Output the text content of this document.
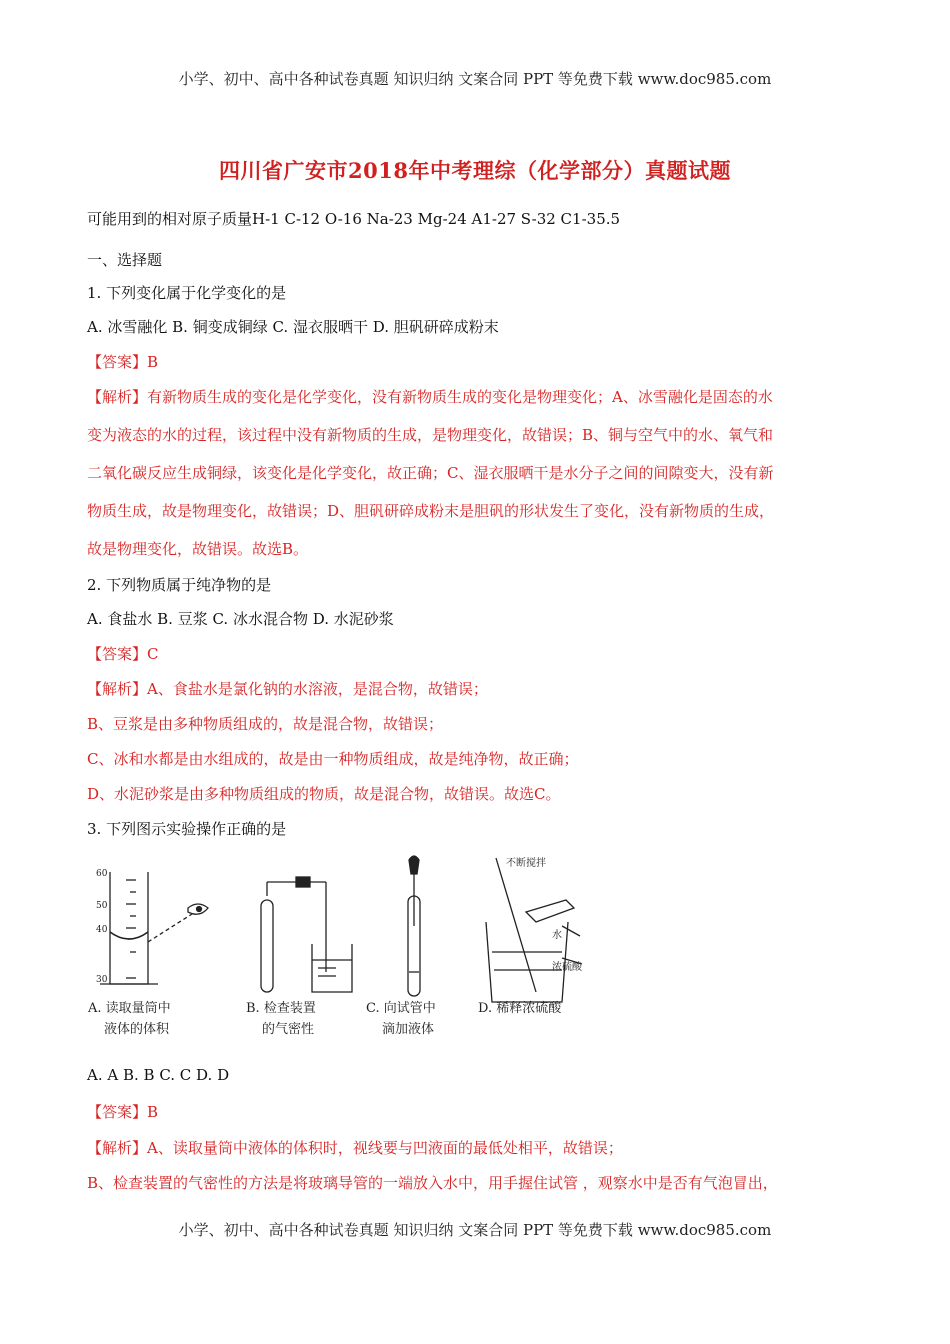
小学、初中、高中各种试卷真题 知识归纳 文案合同 PPT 等免费下载 www.doc985.com
四川省广安市2018年中考理综（化学部分）真题试题
可能用到的相对原子质量H-1 C-12 O-16 Na-23 Mg-24 A1-27 S-32 C1-35.5
一、选择题
1. 下列变化属于化学变化的是
A. 冰雪融化 B. 铜变成铜绿 C. 湿衣服晒干 D. 胆矾研碎成粉末
【答案】B
【解析】有新物质生成的变化是化学变化，没有新物质生成的变化是物理变化；A、冰雪融化是固态的水
变为液态的水的过程，该过程中没有新物质的生成，是物理变化，故错误；B、铜与空气中的水、氧气和
二氧化碳反应生成铜绿，该变化是化学变化，故正确；C、湿衣服晒干是水分子之间的间隙变大，没有新
物质生成，故是物理变化，故错误；D、胆矾研碎成粉末是胆矾的形状发生了变化，没有新物质的生成，
故是物理变化，故错误。故选B。
2. 下列物质属于纯净物的是
A. 食盐水 B. 豆浆 C. 冰水混合物 D. 水泥砂浆
【答案】C
【解析】A、食盐水是氯化钠的水溶液，是混合物，故错误；
B、豆浆是由多种物质组成的，故是混合物，故错误；
C、冰和水都是由水组成的，故是由一种物质组成，故是纯净物，故正确；
D、水泥砂浆是由多种物质组成的物质，故是混合物，故错误。故选C。
3. 下列图示实验操作正确的是
60
50
40
30
不断搅拌
水
浓硫酸
A. 读取量筒中
液体的体积
B. 检查装置
的气密性
C. 向试管中
滴加液体
D. 稀释浓硫酸
A. A B. B C. C D. D
【答案】B
【解析】A、读取量筒中液体的体积时，视线要与凹液面的最低处相平，故错误；
B、检查装置的气密性的方法是将玻璃导管的一端放入水中，用手握住试管 ，观察水中是否有气泡冒出，
小学、初中、高中各种试卷真题 知识归纳 文案合同 PPT 等免费下载 www.doc985.com
